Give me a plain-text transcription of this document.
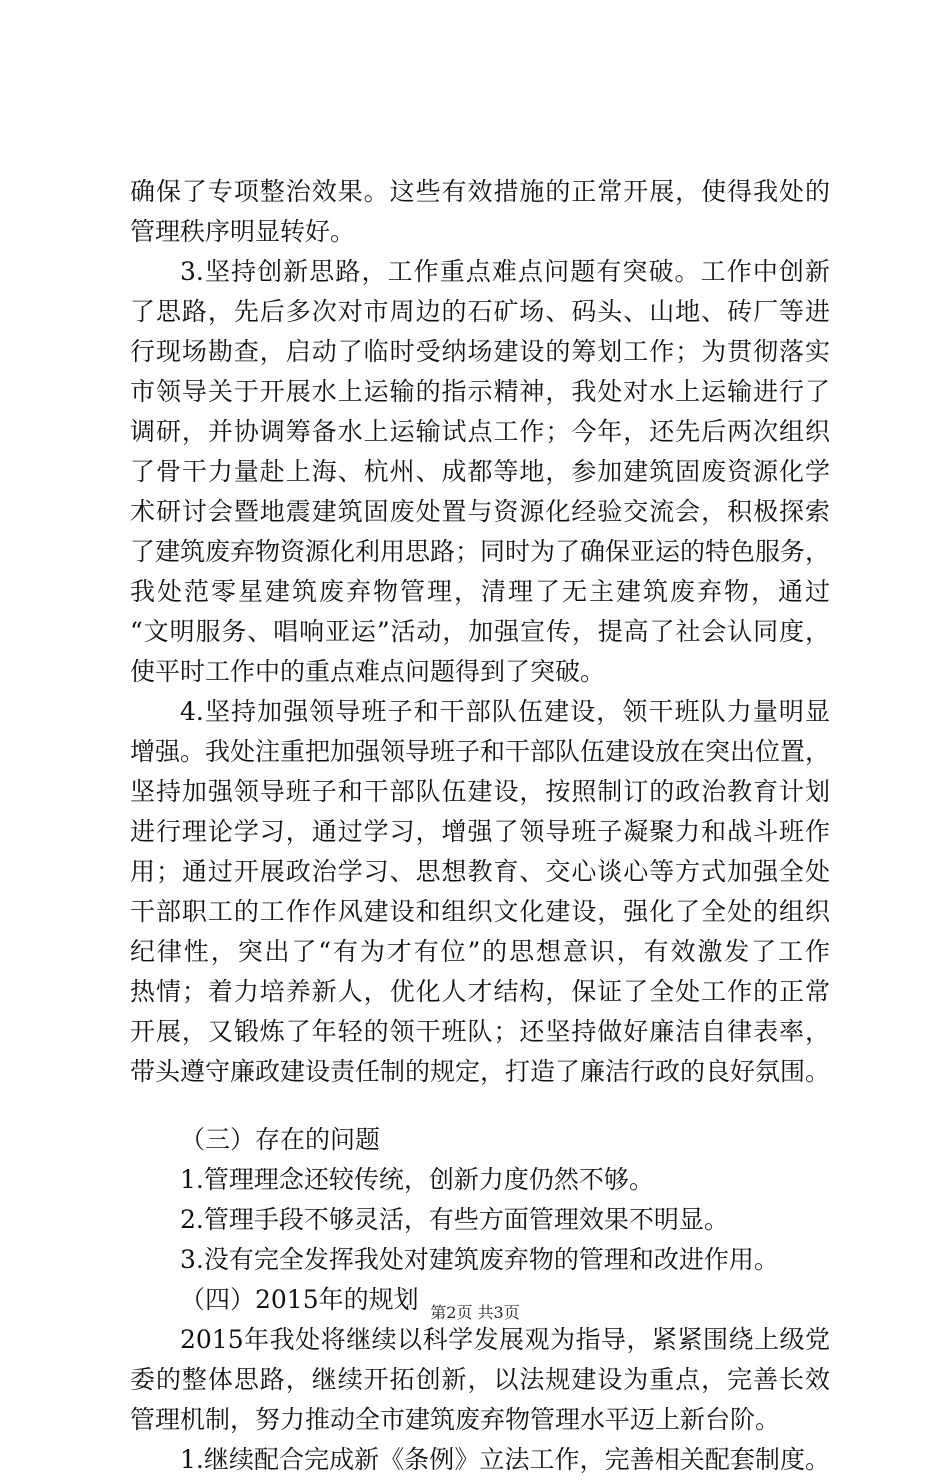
确保了专项整治效果。这些有效措施的正常开展，使得我处的
管理秩序明显转好。
3.坚持创新思路，工作重点难点问题有突破。工作中创新
了思路，先后多次对市周边的石矿场、码头、山地、砖厂等进
行现场勘查，启动了临时受纳场建设的筹划工作；为贯彻落实
市领导关于开展水上运输的指示精神，我处对水上运输进行了
调研，并协调筹备水上运输试点工作；今年，还先后两次组织
了骨干力量赴上海、杭州、成都等地，参加建筑固废资源化学
术研讨会暨地震建筑固废处置与资源化经验交流会，积极探索
了建筑废弃物资源化利用思路；同时为了确保亚运的特色服务，
我处范零星建筑废弃物管理，清理了无主建筑废弃物，通过
“文明服务、唱响亚运”活动，加强宣传，提高了社会认同度，
使平时工作中的重点难点问题得到了突破。
4.坚持加强领导班子和干部队伍建设，领干班队力量明显
增强。我处注重把加强领导班子和干部队伍建设放在突出位置，
坚持加强领导班子和干部队伍建设，按照制订的政治教育计划
进行理论学习，通过学习，增强了领导班子凝聚力和战斗班作
用；通过开展政治学习、思想教育、交心谈心等方式加强全处
干部职工的工作作风建设和组织文化建设，强化了全处的组织
纪律性，突出了“有为才有位”的思想意识，有效激发了工作
热情；着力培养新人，优化人才结构，保证了全处工作的正常
开展，又锻炼了年轻的领干班队；还坚持做好廉洁自律表率，
带头遵守廉政建设责任制的规定，打造了廉洁行政的良好氛围。
（三）存在的问题
1.管理理念还较传统，创新力度仍然不够。
2.管理手段不够灵活，有些方面管理效果不明显。
3.没有完全发挥我处对建筑废弃物的管理和改进作用。
（四）2015年的规划
2015年我处将继续以科学发展观为指导，紧紧围绕上级党
委的整体思路，继续开拓创新，以法规建设为重点，完善长效
管理机制，努力推动全市建筑废弃物管理水平迈上新台阶。
1.继续配合完成新《条例》立法工作，完善相关配套制度。
第2页 共3页
